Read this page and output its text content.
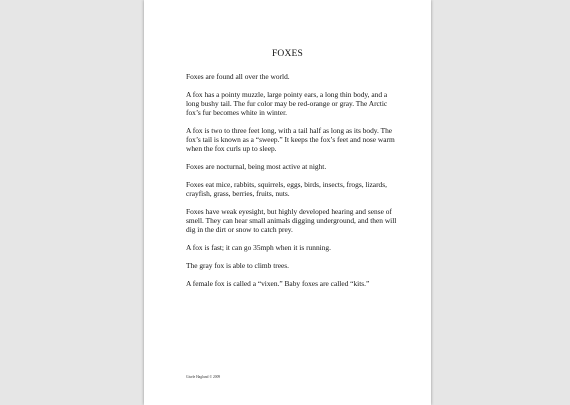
FOXES

Foxes are found all over the world.

A fox has a pointy muzzle, large pointy ears, a long thin body, and a long bushy tail. The fur color may be red-orange or gray. The Arctic fox’s fur becomes white in winter.

A fox is two to three feet long, with a tail half as long as its body. The fox’s tail is known as a “sweep.” It keeps the fox’s feet and nose warm when the fox curls up to sleep.

Foxes are nocturnal, being most active at night.

Foxes eat mice, rabbits, squirrels, eggs, birds, insects, frogs, lizards, crayfish, grass, berries, fruits, nuts.

Foxes have weak eyesight, but highly developed hearing and sense of smell. They can hear small animals digging underground, and then will dig in the dirt or snow to catch prey.

A fox is fast; it can go 35mph when it is running.

The gray fox is able to climb trees.

A female fox is called a “vixen.” Baby foxes are called “kits.”

Gisele Haglund © 2009
